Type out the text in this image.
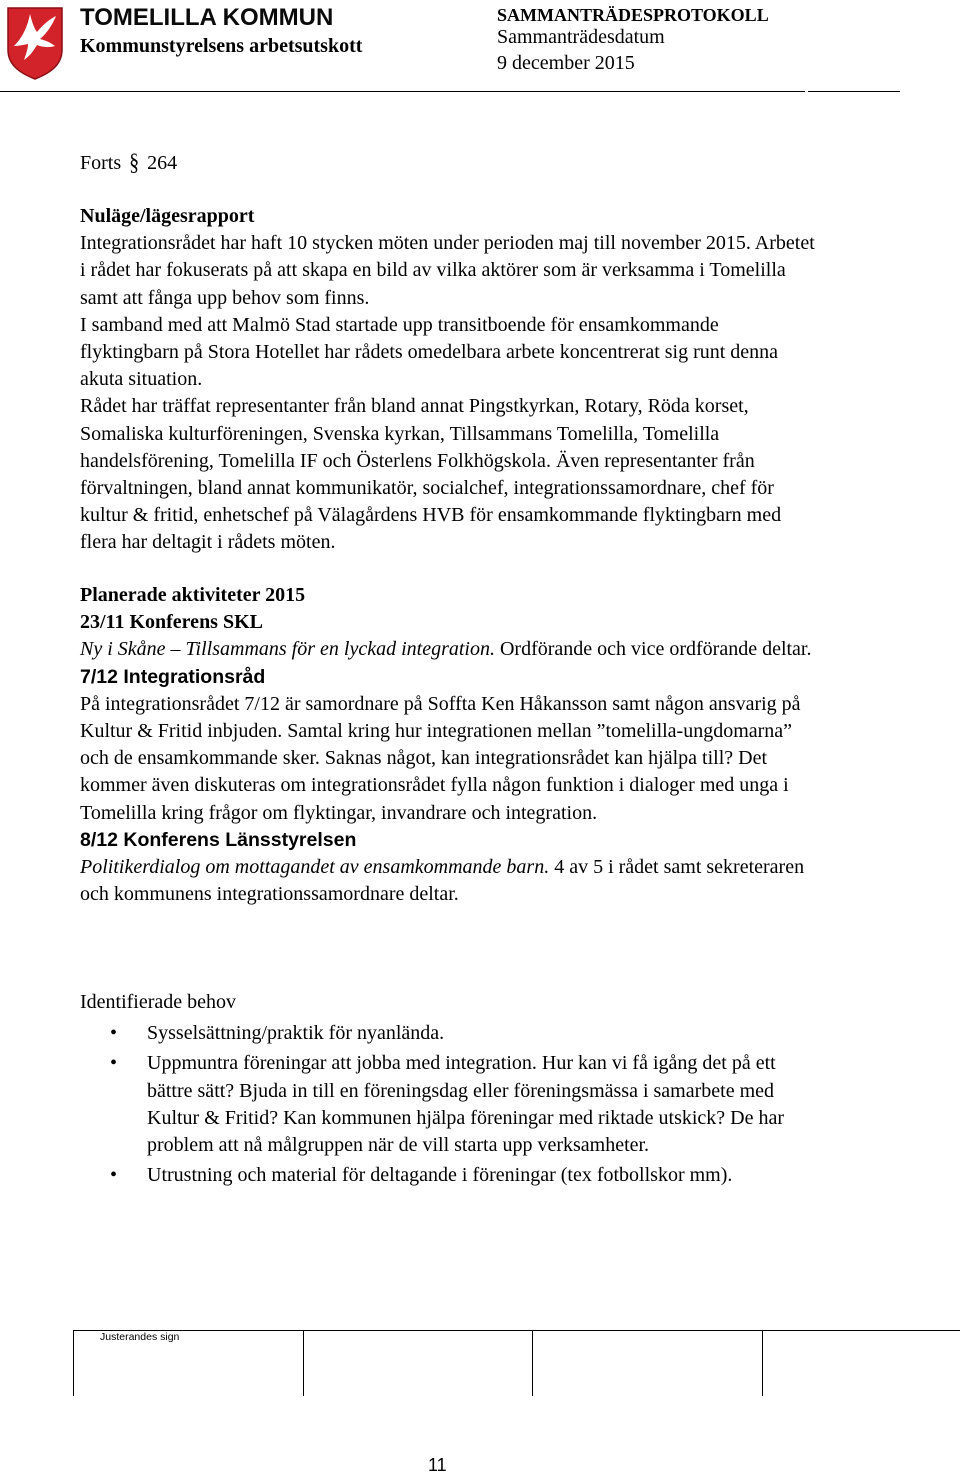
TOMELILLA KOMMUN
Kommunstyrelsens arbetsutskott
SAMMANTRÄDESPROTOKOLL
Sammanträdesdatum
9 december 2015
Forts § 264

Nuläge/lägesrapport

Integrationsrådet har haft 10 stycken möten under perioden maj till november 2015. Arbetet i rådet har fokuserats på att skapa en bild av vilka aktörer som är verksamma i Tomelilla samt att fånga upp behov som finns.

I samband med att Malmö Stad startade upp transitboende för ensamkommande flyktingbarn på Stora Hotellet har rådets omedelbara arbete koncentrerat sig runt denna akuta situation.

Rådet har träffat representanter från bland annat Pingstkyrkan, Rotary, Röda korset, Somaliska kulturföreningen, Svenska kyrkan, Tillsammans Tomelilla, Tomelilla handelsförening, Tomelilla IF och Österlens Folkhögskola. Även representanter från förvaltningen, bland annat kommunikatör, socialchef, integrationssamordnare, chef för kultur & fritid, enhetschef på Välagårdens HVB för ensamkommande flyktingbarn med flera har deltagit i rådets möten.

Planerade aktiviteter 2015

23/11 Konferens SKL

Ny i Skåne – Tillsammans för en lyckad integration. Ordförande och vice ordförande deltar.

7/12 Integrationsråd

På integrationsrådet 7/12 är samordnare på Soffta Ken Håkansson samt någon ansvarig på Kultur & Fritid inbjuden. Samtal kring hur integrationen mellan ”tomelilla-ungdomarna” och de ensamkommande sker. Saknas något, kan integrationsrådet kan hjälpa till? Det kommer även diskuteras om integrationsrådet fylla någon funktion i dialoger med unga i Tomelilla kring frågor om flyktingar, invandrare och integration.

8/12 Konferens Länsstyrelsen

Politikerdialog om mottagandet av ensamkommande barn. 4 av 5 i rådet samt sekreteraren och kommunens integrationssamordnare deltar.

Identifierade behov

• Sysselsättning/praktik för nyanlända.
• Uppmuntra föreningar att jobba med integration. Hur kan vi få igång det på ett bättre sätt? Bjuda in till en föreningsdag eller föreningsmässa i samarbete med Kultur & Fritid? Kan kommunen hjälpa föreningar med riktade utskick? De har problem att nå målgruppen när de vill starta upp verksamheter.
• Utrustning och material för deltagande i föreningar (tex fotbollskor mm).
Justerandes sign
11
